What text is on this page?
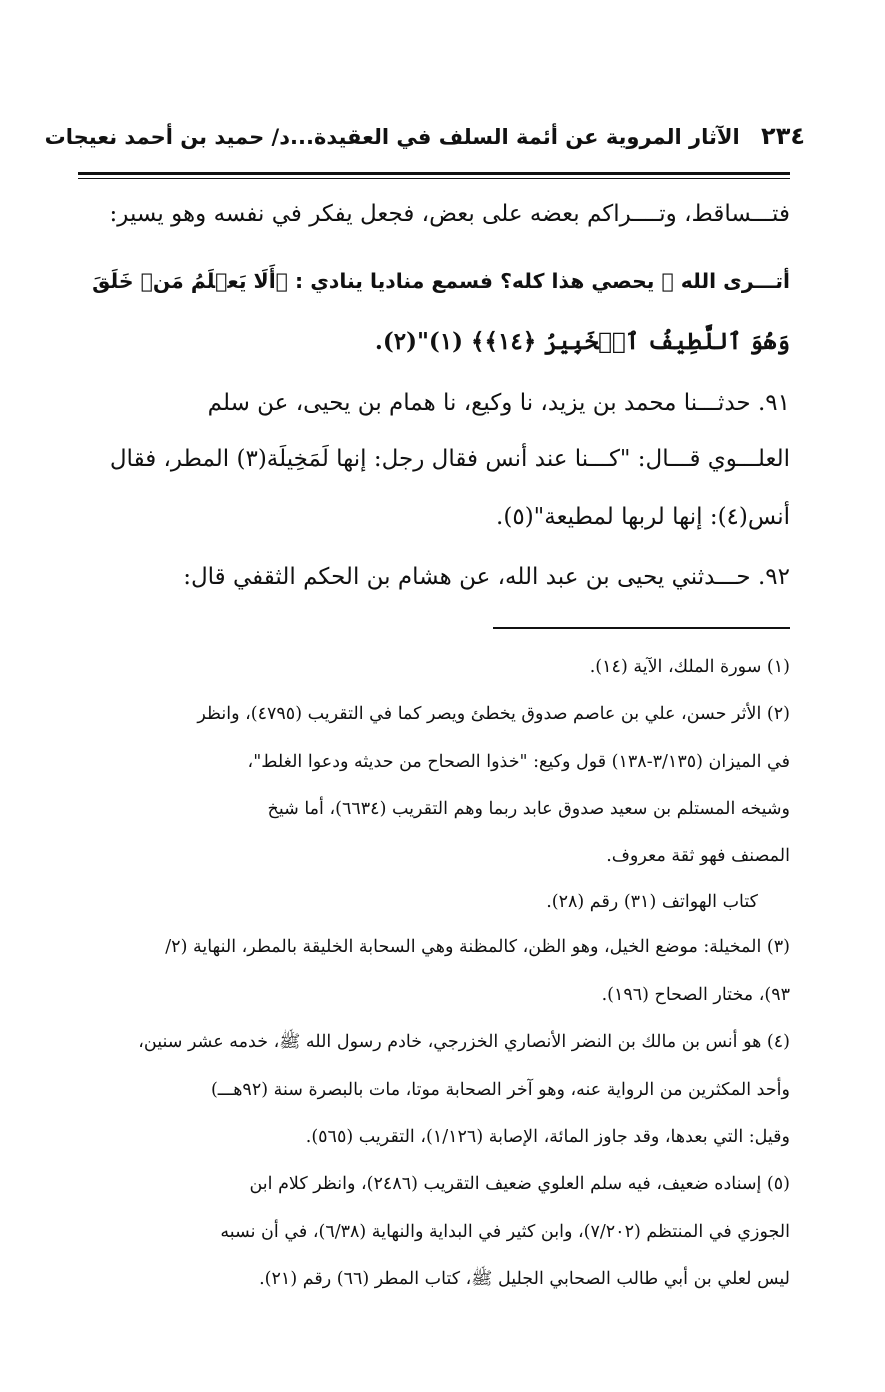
٢٣٤ الآثار المروية عن أئمة السلف في العقيدة...د/ حميد بن أحمد نعيجات
فتـــساقط، وتــــراكم بعضه على بعض، فجعل يفكر في نفسه وهو يسير:
أتـــرى الله ﷻ يحصي هذا كله؟ فسمع مناديا ينادي : ﴿أَلَا يَعۡلَمُ مَنۡ خَلَقَ
وَهُوَ ٱللَّطِيفُ ٱلۡخَبِيرُ ﴿١٤﴾﴾ (١)"(٢).
٩١. حدثـــنا محمد بن يزيد، نا وكيع، نا همام بن يحيى، عن سلم
العلـــوي قـــال: "كـــنا عند أنس فقال رجل: إنها لَمَخِيلَة(٣) المطر، فقال
أنس(٤): إنها لربها لمطيعة"(٥).
٩٢. حـــدثني يحيى بن عبد الله، عن هشام بن الحكم الثقفي قال:
(١) سورة الملك، الآية (١٤).
(٢) الأثر حسن، علي بن عاصم صدوق يخطئ ويصر كما في التقريب (٤٧٩٥)، وانظر
في الميزان (٣/١٣٥-١٣٨) قول وكيع: "خذوا الصحاح من حديثه ودعوا الغلط"،
وشيخه المستلم بن سعيد صدوق عابد ربما وهم التقريب (٦٦٣٤)، أما شيخ
المصنف فهو ثقة معروف.
كتاب الهواتف (٣١) رقم (٢٨).
(٣) المخيلة: موضع الخيل، وهو الظن، كالمظنة وهي السحابة الخليقة بالمطر، النهاية (٢/
٩٣)، مختار الصحاح (١٩٦).
(٤) هو أنس بن مالك بن النضر الأنصاري الخزرجي، خادم رسول الله ﷺ، خدمه عشر سنين،
وأحد المكثرين من الرواية عنه، وهو آخر الصحابة موتا، مات بالبصرة سنة (٩٢هـــ)
وقيل: التي بعدها، وقد جاوز المائة، الإصابة (١/١٢٦)، التقريب (٥٦٥).
(٥) إسناده ضعيف، فيه سلم العلوي ضعيف التقريب (٢٤٨٦)، وانظر كلام ابن
الجوزي في المنتظم (٧/٢٠٢)، وابن كثير في البداية والنهاية (٦/٣٨)، في أن نسبه
ليس لعلي بن أبي طالب الصحابي الجليل ﷺ، كتاب المطر (٦٦) رقم (٢١).
